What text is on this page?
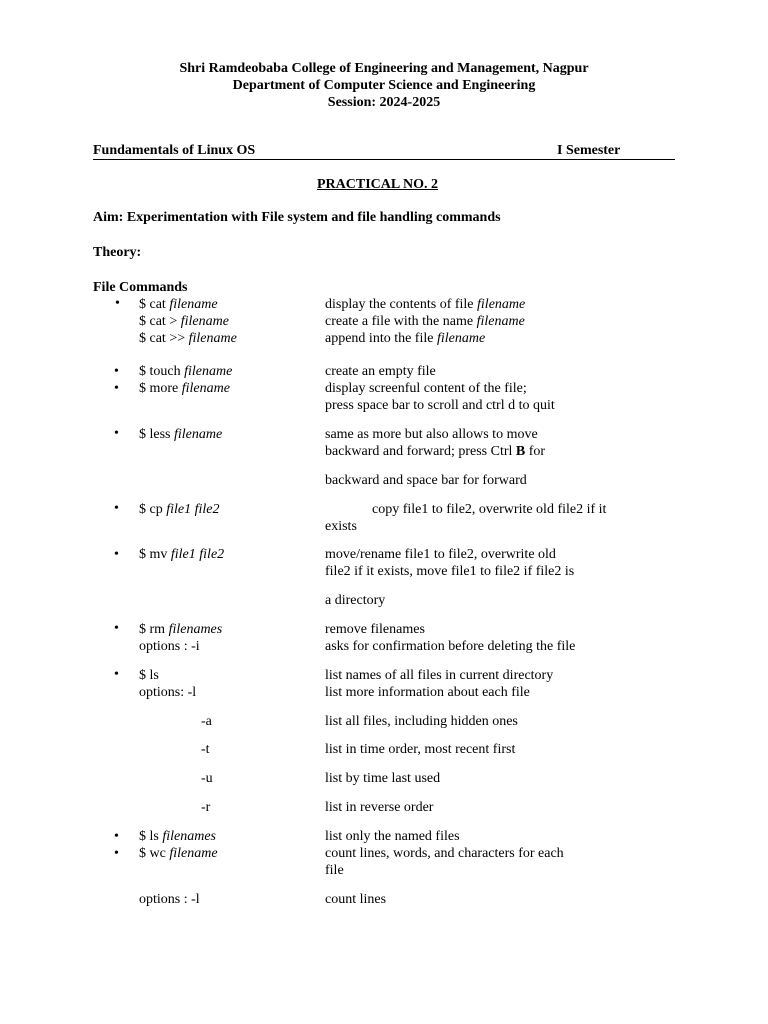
Shri Ramdeobaba College of Engineering and Management, Nagpur
Department of Computer Science and Engineering
Session: 2024-2025
Fundamentals of Linux OS	I Semester
PRACTICAL NO. 2
Aim: Experimentation with File system and file handling commands
Theory:
File Commands
•
$ cat filename	display the contents of file filename
$ cat > filename	create a file with the name filename
$ cat >> filename	append into the file filename
•
$ touch filename	create an empty file
•
$ more filename	display screenful content of the file;
press space bar to scroll and ctrl d to quit
•
$ less filename	same as more but also allows to move
backward and forward; press Ctrl B for
backward and space bar for forward
•
$ cp file1 file2	copy file1 to file2, overwrite old file2 if it
exists
•
$ mv file1 file2	move/rename file1 to file2, overwrite old
file2 if it exists, move file1 to file2 if file2 is
a directory
•
$ rm filenames	remove filenames
options : -i	asks for confirmation before deleting the file
•
$ ls	list names of all files in current directory
options: -l	list more information about each file
-a	list all files, including hidden ones
-t	list in time order, most recent first
-u	list by time last used
-r	list in reverse order
•
$ ls filenames	list only the named files
•
$ wc filename	count lines, words, and characters for each
file
options : -l	count lines
